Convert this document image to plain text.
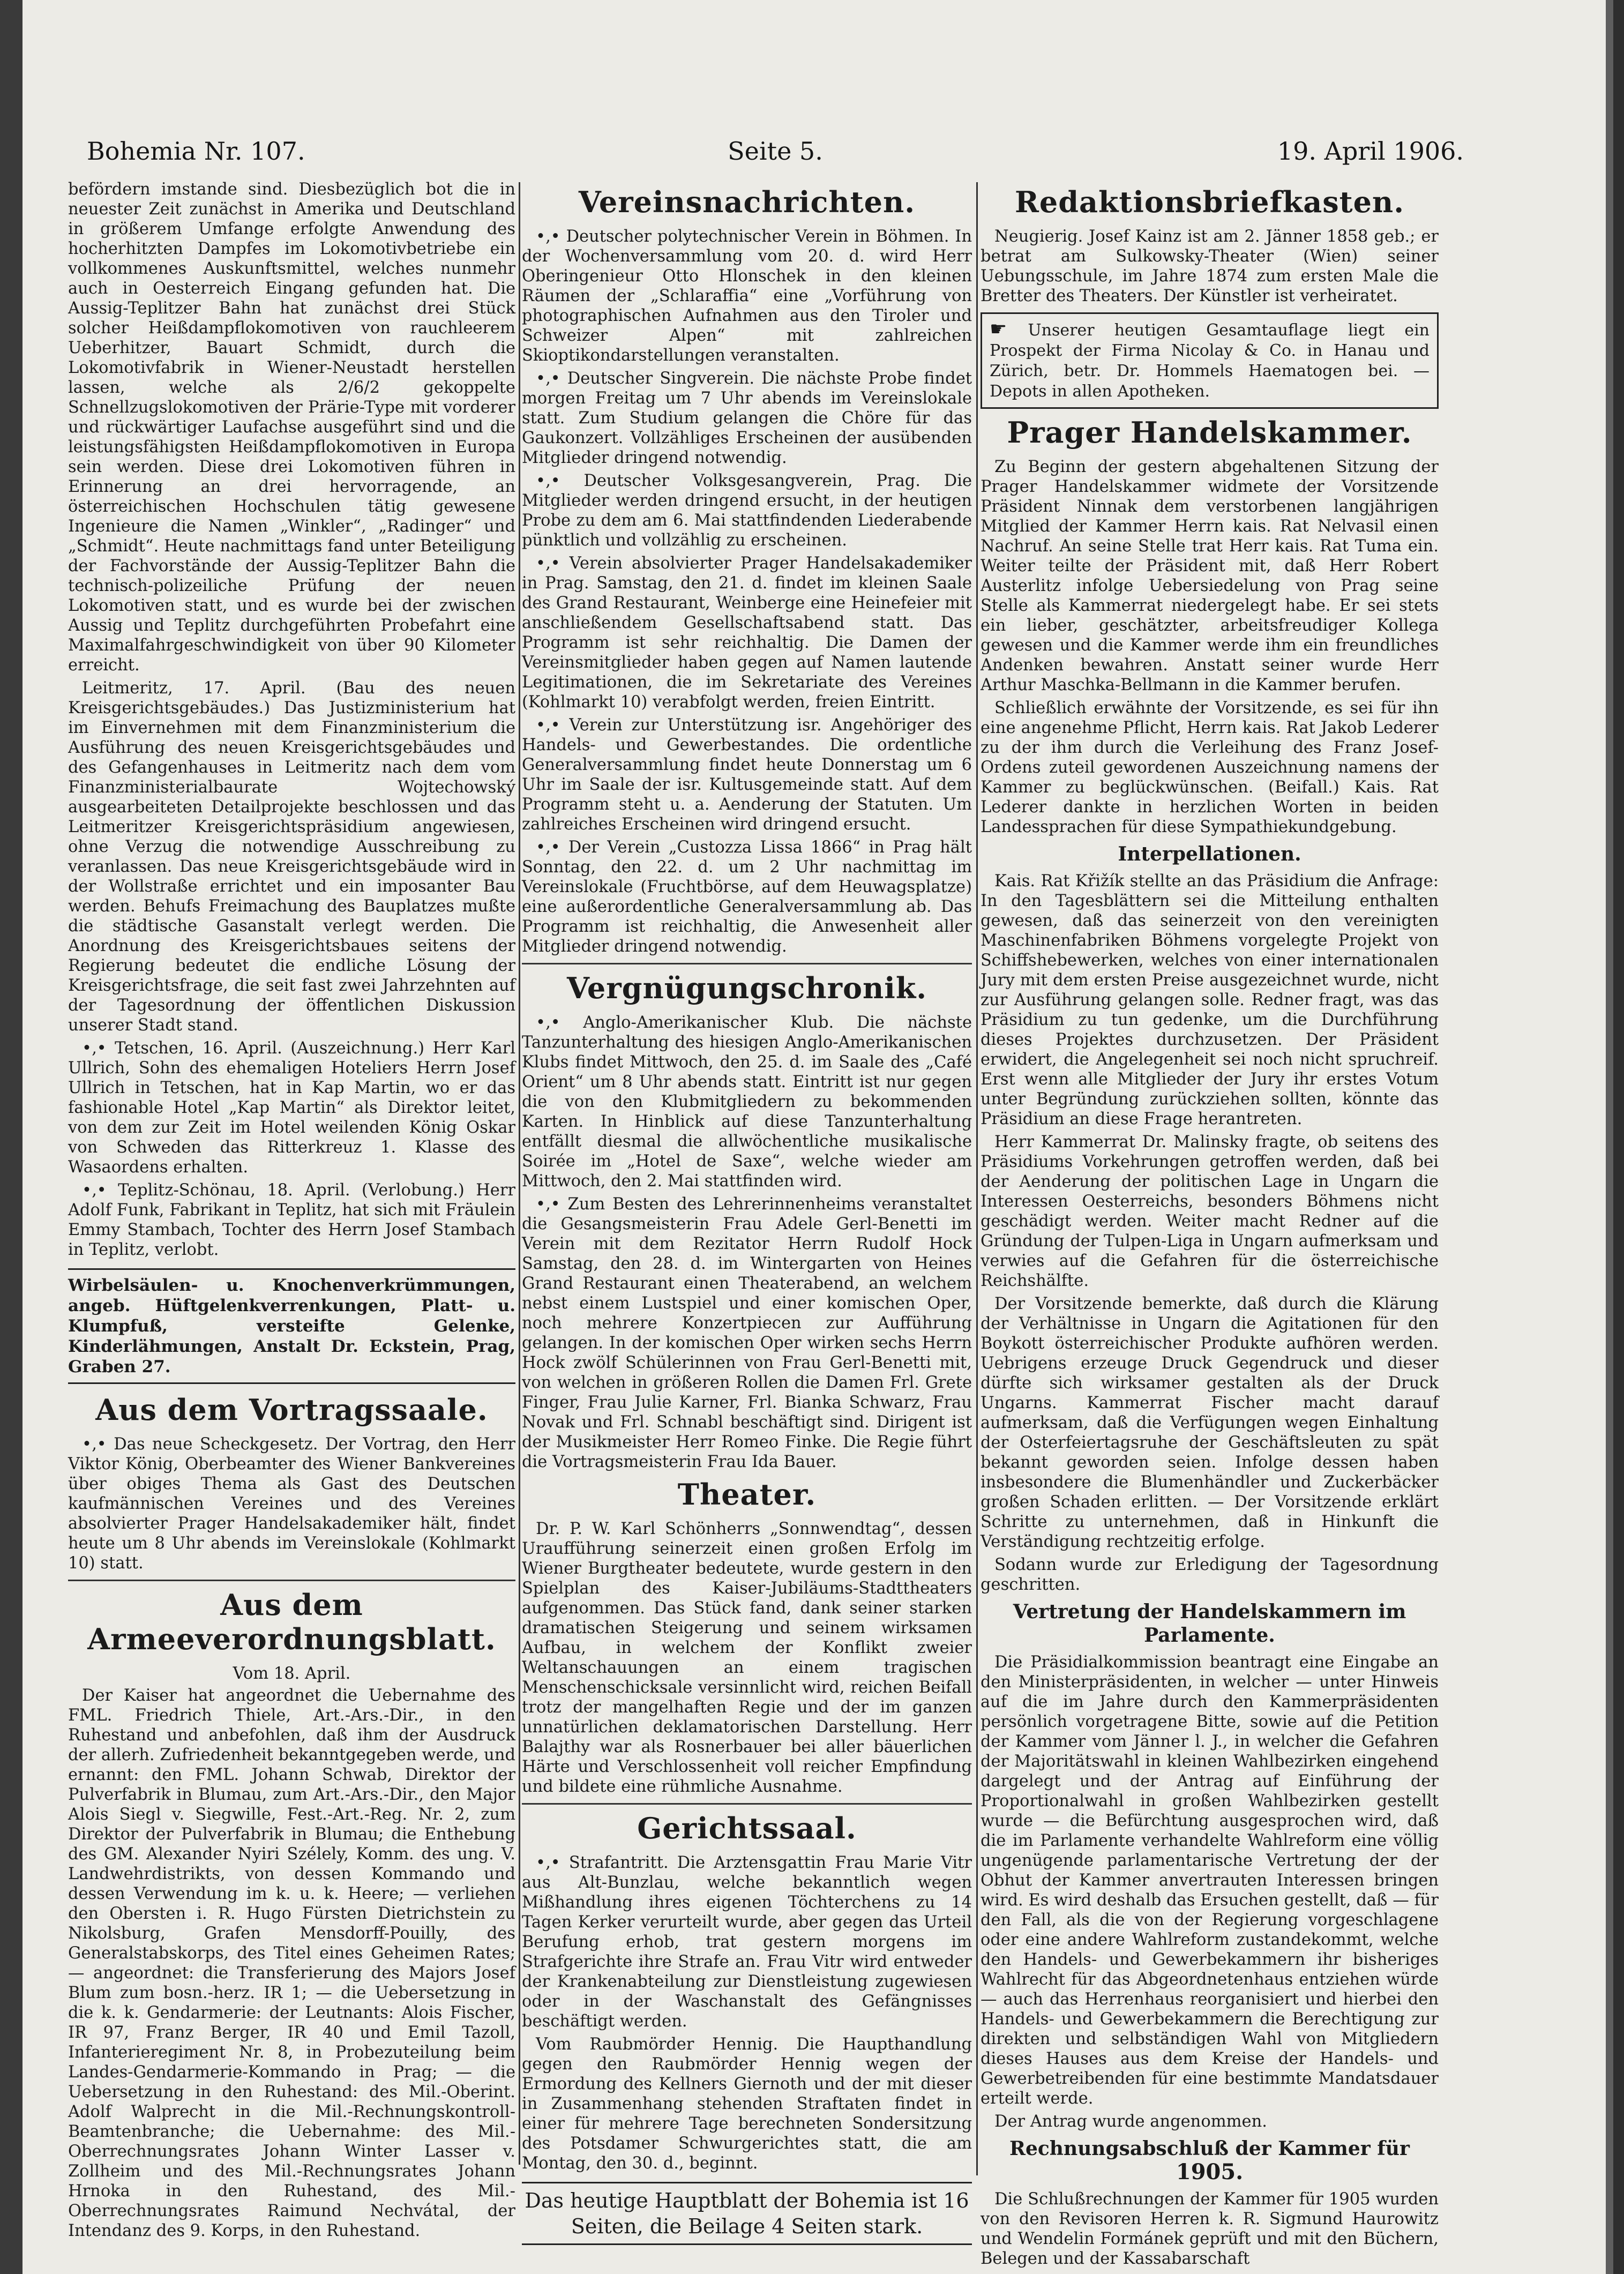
Bohemia Nr. 107.	Seite 5.	19. April 1906.

befördern imstande sind. Diesbezüglich bot die in neuester Zeit zunächst in Amerika und Deutschland in größerem Umfange erfolgte Anwendung des hocherhitzten Dampfes im Lokomotivbetriebe ein vollkommenes Auskunftsmittel, welches nunmehr auch in Oesterreich Eingang gefunden hat. Die Aussig-Teplitzer Bahn hat zunächst drei Stück solcher Heißdampflokomotiven von rauchleerem Ueberhitzer, Bauart Schmidt, durch die Lokomotivfabrik in Wiener-Neustadt herstellen lassen, welche als 2/6/2 gekoppelte Schnellzugslokomotiven der Prärie-Type mit vorderer und rückwärtiger Laufachse ausgeführt sind und die leistungsfähigsten Heißdampflokomotiven in Europa sein werden. Diese drei Lokomotiven führen in Erinnerung an drei hervorragende, an österreichischen Hochschulen tätig gewesene Ingenieure die Namen „Winkler“, „Radinger“ und „Schmidt“. Heute nachmittags fand unter Beteiligung der Fachvorstände der Aussig-Teplitzer Bahn die technisch-polizeiliche Prüfung der neuen Lokomotiven statt, und es wurde bei der zwischen Aussig und Teplitz durchgeführten Probefahrt eine Maximalfahrgeschwindigkeit von über 90 Kilometer erreicht.

Leitmeritz, 17. April. (Bau des neuen Kreisgerichtsgebäudes.) Das Justizministerium hat im Einvernehmen mit dem Finanzministerium die Ausführung des neuen Kreisgerichtsgebäudes und des Gefangenhauses in Leitmeritz nach dem vom Finanzministerialbaurate Wojtechowský ausgearbeiteten Detailprojekte beschlossen und das Leitmeritzer Kreisgerichtspräsidium angewiesen, ohne Verzug die notwendige Ausschreibung zu veranlassen. Das neue Kreisgerichtsgebäude wird in der Wollstraße errichtet und ein imposanter Bau werden. Behufs Freimachung des Bauplatzes mußte die städtische Gasanstalt verlegt werden. Die Anordnung des Kreisgerichtsbaues seitens der Regierung bedeutet die endliche Lösung der Kreisgerichtsfrage, die seit fast zwei Jahrzehnten auf der Tagesordnung der öffentlichen Diskussion unserer Stadt stand.

•‚• Tetschen, 16. April. (Auszeichnung.) Herr Karl Ullrich, Sohn des ehemaligen Hoteliers Herrn Josef Ullrich in Tetschen, hat in Kap Martin, wo er das fashionable Hotel „Kap Martin“ als Direktor leitet, von dem zur Zeit im Hotel weilenden König Oskar von Schweden das Ritterkreuz 1. Klasse des Wasaordens erhalten.

•‚• Teplitz-Schönau, 18. April. (Verlobung.) Herr Adolf Funk, Fabrikant in Teplitz, hat sich mit Fräulein Emmy Stambach, Tochter des Herrn Josef Stambach in Teplitz, verlobt.

Wirbelsäulen- u. Knochenverkrümmungen, angeb. Hüftgelenkverrenkungen, Platt- u. Klumpfuß, versteifte Gelenke, Kinderlähmungen, Anstalt Dr. Eckstein, Prag, Graben 27.
Aus dem Vortragssaale.

•‚• Das neue Scheckgesetz. Der Vortrag, den Herr Viktor König, Oberbeamter des Wiener Bankvereines über obiges Thema als Gast des Deutschen kaufmännischen Vereines und des Vereines absolvierter Prager Handelsakademiker hält, findet heute um 8 Uhr abends im Vereinslokale (Kohlmarkt 10) statt.

Aus dem Armeeverordnungsblatt.
Vom 18. April.

Der Kaiser hat angeordnet die Uebernahme des FML. Friedrich Thiele, Art.-Ars.-Dir., in den Ruhestand und anbefohlen, daß ihm der Ausdruck der allerh. Zufriedenheit bekanntgegeben werde, und ernannt: den FML. Johann Schwab, Direktor der Pulverfabrik in Blumau, zum Art.-Ars.-Dir., den Major Alois Siegl v. Siegwille, Fest.-Art.-Reg. Nr. 2, zum Direktor der Pulverfabrik in Blumau; die Enthebung des GM. Alexander Nyiri Szélely, Komm. des ung. V. Landwehrdistrikts, von dessen Kommando und dessen Verwendung im k. u. k. Heere; — verliehen den Obersten i. R. Hugo Fürsten Dietrichstein zu Nikolsburg, Grafen Mensdorff-Pouilly, des Generalstabskorps, des Titel eines Geheimen Rates; — angeordnet: die Transferierung des Majors Josef Blum zum bosn.-herz. IR 1; — die Uebersetzung in die k. k. Gendarmerie: der Leutnants: Alois Fischer, IR 97, Franz Berger, IR 40 und Emil Tazoll, Infanterieregiment Nr. 8, in Probezuteilung beim Landes-Gendarmerie-Kommando in Prag; — die Uebersetzung in den Ruhestand: des Mil.-Oberint. Adolf Walprecht in die Mil.-Rechnungskontroll-Beamtenbranche; die Uebernahme: des Mil.-Oberrechnungsrates Johann Winter Lasser v. Zollheim und des Mil.-Rechnungsrates Johann Hrnoka in den Ruhestand, des Mil.-Oberrechnungsrates Raimund Nechvátal, der Intendanz des 9. Korps, in den Ruhestand.

Vereinsnachrichten.

•‚• Deutscher polytechnischer Verein in Böhmen. In der Wochenversammlung vom 20. d. wird Herr Oberingenieur Otto Hlonschek in den kleinen Räumen der „Schlaraffia“ eine „Vorführung von photographischen Aufnahmen aus den Tiroler und Schweizer Alpen“ mit zahlreichen Skioptikondarstellungen veranstalten.

•‚• Deutscher Singverein. Die nächste Probe findet morgen Freitag um 7 Uhr abends im Vereinslokale statt. Zum Studium gelangen die Chöre für das Gaukonzert. Vollzähliges Erscheinen der ausübenden Mitglieder dringend notwendig.

•‚• Deutscher Volksgesangverein, Prag. Die Mitglieder werden dringend ersucht, in der heutigen Probe zu dem am 6. Mai stattfindenden Liederabende pünktlich und vollzählig zu erscheinen.

•‚• Verein absolvierter Prager Handelsakademiker in Prag. Samstag, den 21. d. findet im kleinen Saale des Grand Restaurant, Weinberge eine Heinefeier mit anschließendem Gesellschaftsabend statt. Das Programm ist sehr reichhaltig. Die Damen der Vereinsmitglieder haben gegen auf Namen lautende Legitimationen, die im Sekretariate des Vereines (Kohlmarkt 10) verabfolgt werden, freien Eintritt.

•‚• Verein zur Unterstützung isr. Angehöriger des Handels- und Gewerbestandes. Die ordentliche Generalversammlung findet heute Donnerstag um 6 Uhr im Saale der isr. Kultusgemeinde statt. Auf dem Programm steht u. a. Aenderung der Statuten. Um zahlreiches Erscheinen wird dringend ersucht.

•‚• Der Verein „Custozza Lissa 1866“ in Prag hält Sonntag, den 22. d. um 2 Uhr nachmittag im Vereinslokale (Fruchtbörse, auf dem Heuwagsplatze) eine außerordentliche Generalversammlung ab. Das Programm ist reichhaltig, die Anwesenheit aller Mitglieder dringend notwendig.

Vergnügungschronik.

•‚• Anglo-Amerikanischer Klub. Die nächste Tanzunterhaltung des hiesigen Anglo-Amerikanischen Klubs findet Mittwoch, den 25. d. im Saale des „Café Orient“ um 8 Uhr abends statt. Eintritt ist nur gegen die von den Klubmitgliedern zu bekommenden Karten. In Hinblick auf diese Tanzunterhaltung entfällt diesmal die allwöchentliche musikalische Soirée im „Hotel de Saxe“, welche wieder am Mittwoch, den 2. Mai stattfinden wird.

•‚• Zum Besten des Lehrerinnenheims veranstaltet die Gesangsmeisterin Frau Adele Gerl-Benetti im Verein mit dem Rezitator Herrn Rudolf Hock Samstag, den 28. d. im Wintergarten von Heines Grand Restaurant einen Theaterabend, an welchem nebst einem Lustspiel und einer komischen Oper, noch mehrere Konzertpiecen zur Aufführung gelangen. In der komischen Oper wirken sechs Herrn Hock zwölf Schülerinnen von Frau Gerl-Benetti mit, von welchen in größeren Rollen die Damen Frl. Grete Finger, Frau Julie Karner, Frl. Bianka Schwarz, Frau Novak und Frl. Schnabl beschäftigt sind. Dirigent ist der Musikmeister Herr Romeo Finke. Die Regie führt die Vortragsmeisterin Frau Ida Bauer.

Theater.

Dr. P. W. Karl Schönherrs „Sonnwendtag“, dessen Uraufführung seinerzeit einen großen Erfolg im Wiener Burgtheater bedeutete, wurde gestern in den Spielplan des Kaiser-Jubiläums-Stadttheaters aufgenommen. Das Stück fand, dank seiner starken dramatischen Steigerung und seinem wirksamen Aufbau, in welchem der Konflikt zweier Weltanschauungen an einem tragischen Menschenschicksale versinnlicht wird, reichen Beifall trotz der mangelhaften Regie und der im ganzen unnatürlichen deklamatorischen Darstellung. Herr Balajthy war als Rosnerbauer bei aller bäuerlichen Härte und Verschlossenheit voll reicher Empfindung und bildete eine rühmliche Ausnahme.

Gerichtssaal.

•‚• Strafantritt. Die Arztensgattin Frau Marie Vitr aus Alt-Bunzlau, welche bekanntlich wegen Mißhandlung ihres eigenen Töchterchens zu 14 Tagen Kerker verurteilt wurde, aber gegen das Urteil Berufung erhob, trat gestern morgens im Strafgerichte ihre Strafe an. Frau Vitr wird entweder der Krankenabteilung zur Dienstleistung zugewiesen oder in der Waschanstalt des Gefängnisses beschäftigt werden.

Vom Raubmörder Hennig. Die Haupthandlung gegen den Raubmörder Hennig wegen der Ermordung des Kellners Giernoth und der mit dieser in Zusammenhang stehenden Straftaten findet in einer für mehrere Tage berechneten Sondersitzung des Potsdamer Schwurgerichtes statt, die am Montag, den 30. d., beginnt.

Das heutige Hauptblatt der Bohemia ist 16 Seiten, die Beilage 4 Seiten stark.
Redaktionsbriefkasten.

Neugierig. Josef Kainz ist am 2. Jänner 1858 geb.; er betrat am Sulkowsky-Theater (Wien) seiner Uebungsschule, im Jahre 1874 zum ersten Male die Bretter des Theaters. Der Künstler ist verheiratet.

☛ Unserer heutigen Gesamtauflage liegt ein Prospekt der Firma Nicolay & Co. in Hanau und Zürich, betr. Dr. Hommels Haematogen bei. — Depots in allen Apotheken.
Prager Handelskammer.

Zu Beginn der gestern abgehaltenen Sitzung der Prager Handelskammer widmete der Vorsitzende Präsident Ninnak dem verstorbenen langjährigen Mitglied der Kammer Herrn kais. Rat Nelvasil einen Nachruf. An seine Stelle trat Herr kais. Rat Tuma ein. Weiter teilte der Präsident mit, daß Herr Robert Austerlitz infolge Uebersiedelung von Prag seine Stelle als Kammerrat niedergelegt habe. Er sei stets ein lieber, geschätzter, arbeitsfreudiger Kollega gewesen und die Kammer werde ihm ein freundliches Andenken bewahren. Anstatt seiner wurde Herr Arthur Maschka-Bellmann in die Kammer berufen.

Schließlich erwähnte der Vorsitzende, es sei für ihn eine angenehme Pflicht, Herrn kais. Rat Jakob Lederer zu der ihm durch die Verleihung des Franz Josef-Ordens zuteil gewordenen Auszeichnung namens der Kammer zu beglückwünschen. (Beifall.) Kais. Rat Lederer dankte in herzlichen Worten in beiden Landessprachen für diese Sympathiekundgebung.

Interpellationen.

Kais. Rat Křižík stellte an das Präsidium die Anfrage: In den Tagesblättern sei die Mitteilung enthalten gewesen, daß das seinerzeit von den vereinigten Maschinenfabriken Böhmens vorgelegte Projekt von Schiffshebewerken, welches von einer internationalen Jury mit dem ersten Preise ausgezeichnet wurde, nicht zur Ausführung gelangen solle. Redner fragt, was das Präsidium zu tun gedenke, um die Durchführung dieses Projektes durchzusetzen. Der Präsident erwidert, die Angelegenheit sei noch nicht spruchreif. Erst wenn alle Mitglieder der Jury ihr erstes Votum unter Begründung zurückziehen sollten, könnte das Präsidium an diese Frage herantreten.

Herr Kammerrat Dr. Malinsky fragte, ob seitens des Präsidiums Vorkehrungen getroffen werden, daß bei der Aenderung der politischen Lage in Ungarn die Interessen Oesterreichs, besonders Böhmens nicht geschädigt werden. Weiter macht Redner auf die Gründung der Tulpen-Liga in Ungarn aufmerksam und verwies auf die Gefahren für die österreichische Reichshälfte.

Der Vorsitzende bemerkte, daß durch die Klärung der Verhältnisse in Ungarn die Agitationen für den Boykott österreichischer Produkte aufhören werden. Uebrigens erzeuge Druck Gegendruck und dieser dürfte sich wirksamer gestalten als der Druck Ungarns. Kammerrat Fischer macht darauf aufmerksam, daß die Verfügungen wegen Einhaltung der Osterfeiertagsruhe der Geschäftsleuten zu spät bekannt geworden seien. Infolge dessen haben insbesondere die Blumenhändler und Zuckerbäcker großen Schaden erlitten. — Der Vorsitzende erklärt Schritte zu unternehmen, daß in Hinkunft die Verständigung rechtzeitig erfolge.

Sodann wurde zur Erledigung der Tagesordnung geschritten.

Vertretung der Handelskammern im Parlamente.

Die Präsidialkommission beantragt eine Eingabe an den Ministerpräsidenten, in welcher — unter Hinweis auf die im Jahre durch den Kammerpräsidenten persönlich vorgetragene Bitte, sowie auf die Petition der Kammer vom Jänner l. J., in welcher die Gefahren der Majoritätswahl in kleinen Wahlbezirken eingehend dargelegt und der Antrag auf Einführung der Proportionalwahl in großen Wahlbezirken gestellt wurde — die Befürchtung ausgesprochen wird, daß die im Parlamente verhandelte Wahlreform eine völlig ungenügende parlamentarische Vertretung der der Obhut der Kammer anvertrauten Interessen bringen wird. Es wird deshalb das Ersuchen gestellt, daß — für den Fall, als die von der Regierung vorgeschlagene oder eine andere Wahlreform zustandekommt, welche den Handels- und Gewerbekammern ihr bisheriges Wahlrecht für das Abgeordnetenhaus entziehen würde — auch das Herrenhaus reorganisiert und hierbei den Handels- und Gewerbekammern die Berechtigung zur direkten und selbständigen Wahl von Mitgliedern dieses Hauses aus dem Kreise der Handels- und Gewerbetreibenden für eine bestimmte Mandatsdauer erteilt werde.

Der Antrag wurde angenommen.

Rechnungsabschluß der Kammer für
1905.

Die Schlußrechnungen der Kammer für 1905 wurden von den Revisoren Herren k. R. Sigmund Haurowitz und Wendelin Formánek geprüft und mit den Büchern, Belegen und der Kassabarschaft
